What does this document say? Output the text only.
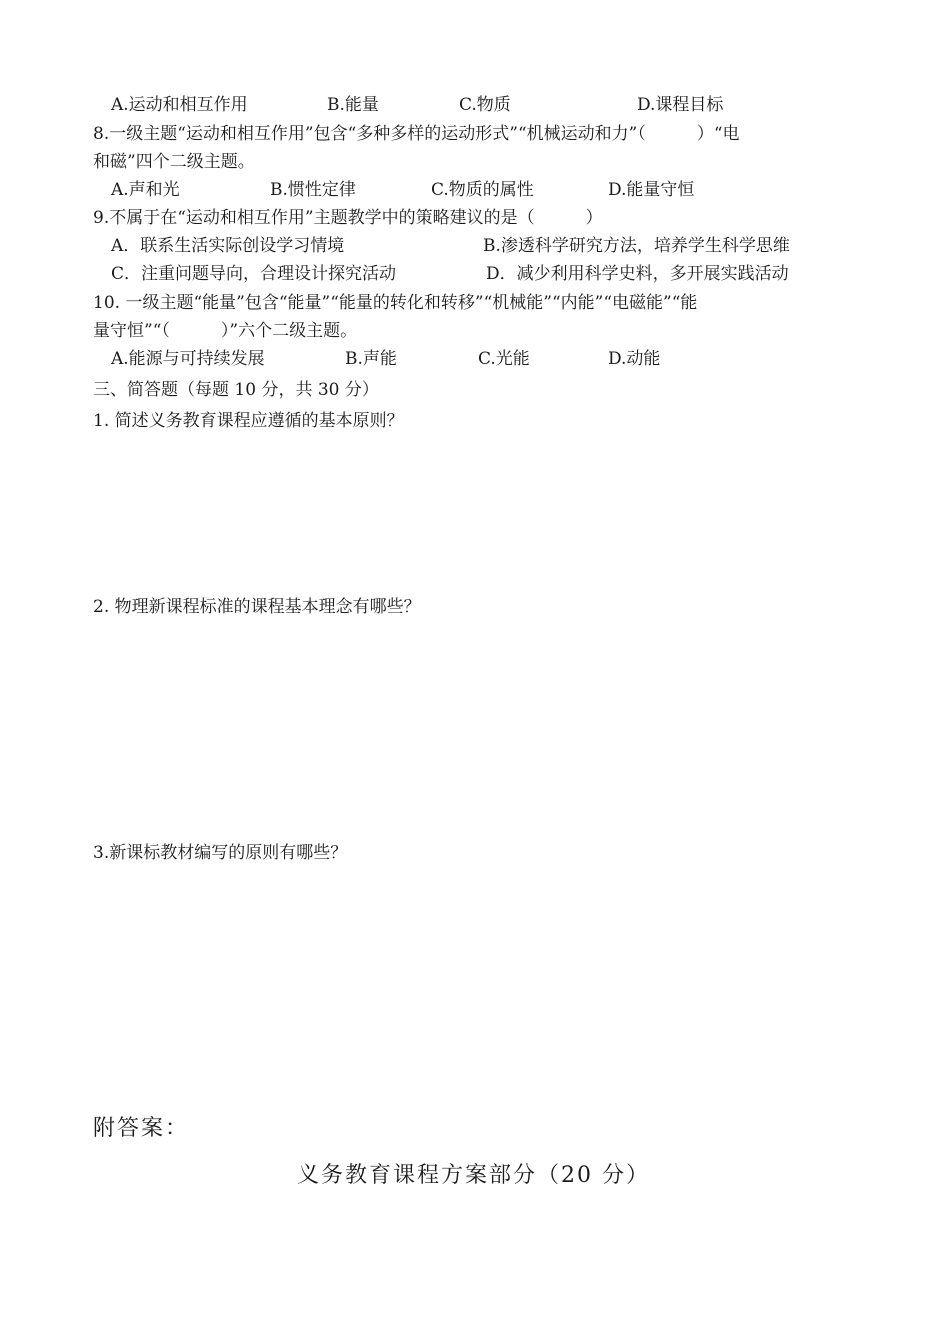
A.运动和相互作用	B.能量	C.物质	D.课程目标
8.一级主题“运动和相互作用”包含“多种多样的运动形式”“机械运动和力”（　　　）“电
和磁”四个二级主题。
A.声和光	B.惯性定律	C.物质的属性	D.能量守恒
9.不属于在“运动和相互作用”主题教学中的策略建议的是（　　　）
A．联系生活实际创设学习情境	B.渗透科学研究方法，培养学生科学思维
C．注重问题导向，合理设计探究活动	D．减少利用科学史料，多开展实践活动
10. 一级主题“能量”包含“能量”“能量的转化和转移”“机械能”“内能”“电磁能”“能
量守恒”“（　　　）”六个二级主题。
A.能源与可持续发展	B.声能	C.光能	D.动能
三、简答题（每题 10 分，共 30 分）
1. 简述义务教育课程应遵循的基本原则？
2. 物理新课程标准的课程基本理念有哪些？
3.新课标教材编写的原则有哪些？
附答案：
义务教育课程方案部分（20 分）
